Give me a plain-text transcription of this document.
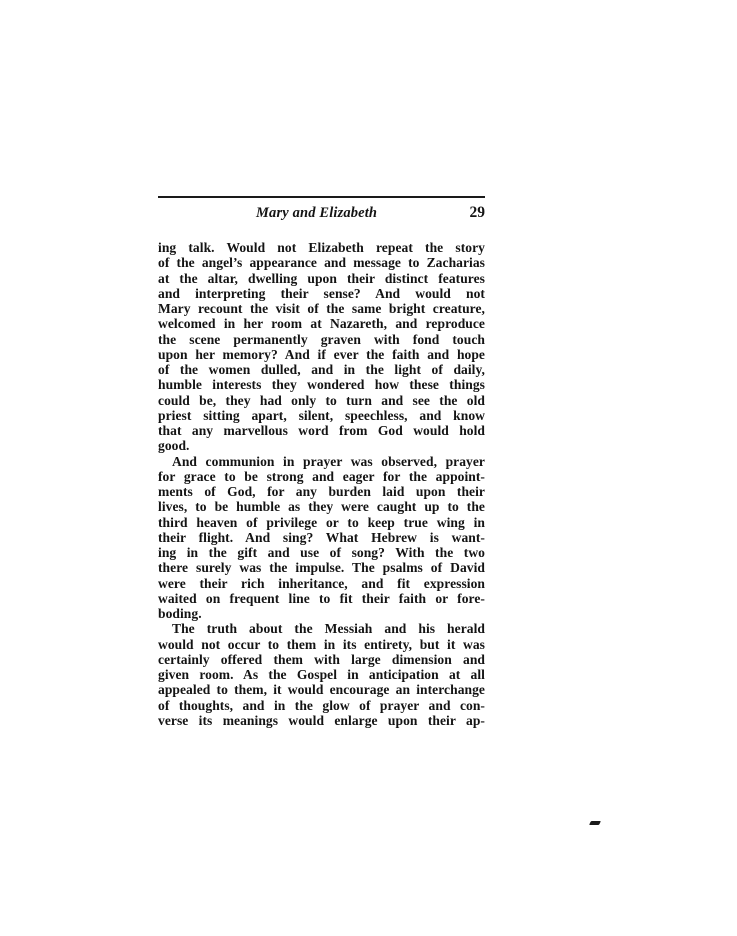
Mary and Elizabeth	29
ing talk. Would not Elizabeth repeat the story
of the angel’s appearance and message to Zacharias
at the altar, dwelling upon their distinct features
and interpreting their sense? And would not
Mary recount the visit of the same bright creature,
welcomed in her room at Nazareth, and reproduce
the scene permanently graven with fond touch
upon her memory? And if ever the faith and hope
of the women dulled, and in the light of daily,
humble interests they wondered how these things
could be, they had only to turn and see the old
priest sitting apart, silent, speechless, and know
that any marvellous word from God would hold
good.
And communion in prayer was observed, prayer
for grace to be strong and eager for the appoint-
ments of God, for any burden laid upon their
lives, to be humble as they were caught up to the
third heaven of privilege or to keep true wing in
their flight. And sing? What Hebrew is want-
ing in the gift and use of song? With the two
there surely was the impulse. The psalms of David
were their rich inheritance, and fit expression
waited on frequent line to fit their faith or fore-
boding.
The truth about the Messiah and his herald
would not occur to them in its entirety, but it was
certainly offered them with large dimension and
given room. As the Gospel in anticipation at all
appealed to them, it would encourage an interchange
of thoughts, and in the glow of prayer and con-
verse its meanings would enlarge upon their ap-
